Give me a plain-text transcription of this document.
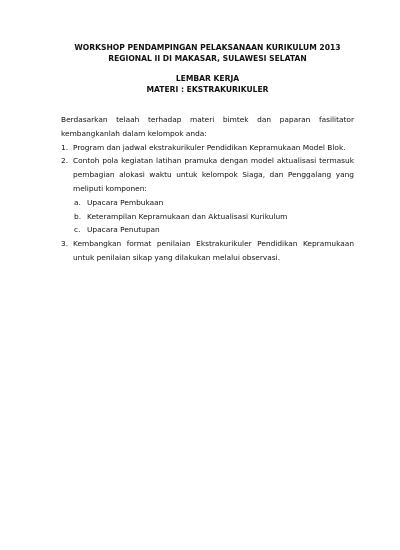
WORKSHOP PENDAMPINGAN PELAKSANAAN KURIKULUM 2013
REGIONAL II DI MAKASAR, SULAWESI SELATAN
LEMBAR KERJA
MATERI : EKSTRAKURIKULER

Berdasarkan telaah terhadap materi bimtek dan paparan fasilitator kembangkanlah dalam kelompok anda:

1. Program dan jadwal ekstrakurikuler Pendidikan Kepramukaan Model Blok.
2. Contoh pola kegiatan latihan pramuka dengan model aktualisasi termasuk pembagian alokasi waktu untuk kelompok Siaga, dan Penggalang yang meliputi komponen:
a. Upacara Pembukaan
b. Keterampilan Kepramukaan dan Aktualisasi Kurikulum
c. Upacara Penutupan
3. Kembangkan format penilaian Ekstrakurikuler Pendidikan Kepramukaan untuk penilaian sikap yang dilakukan melalui observasi.
